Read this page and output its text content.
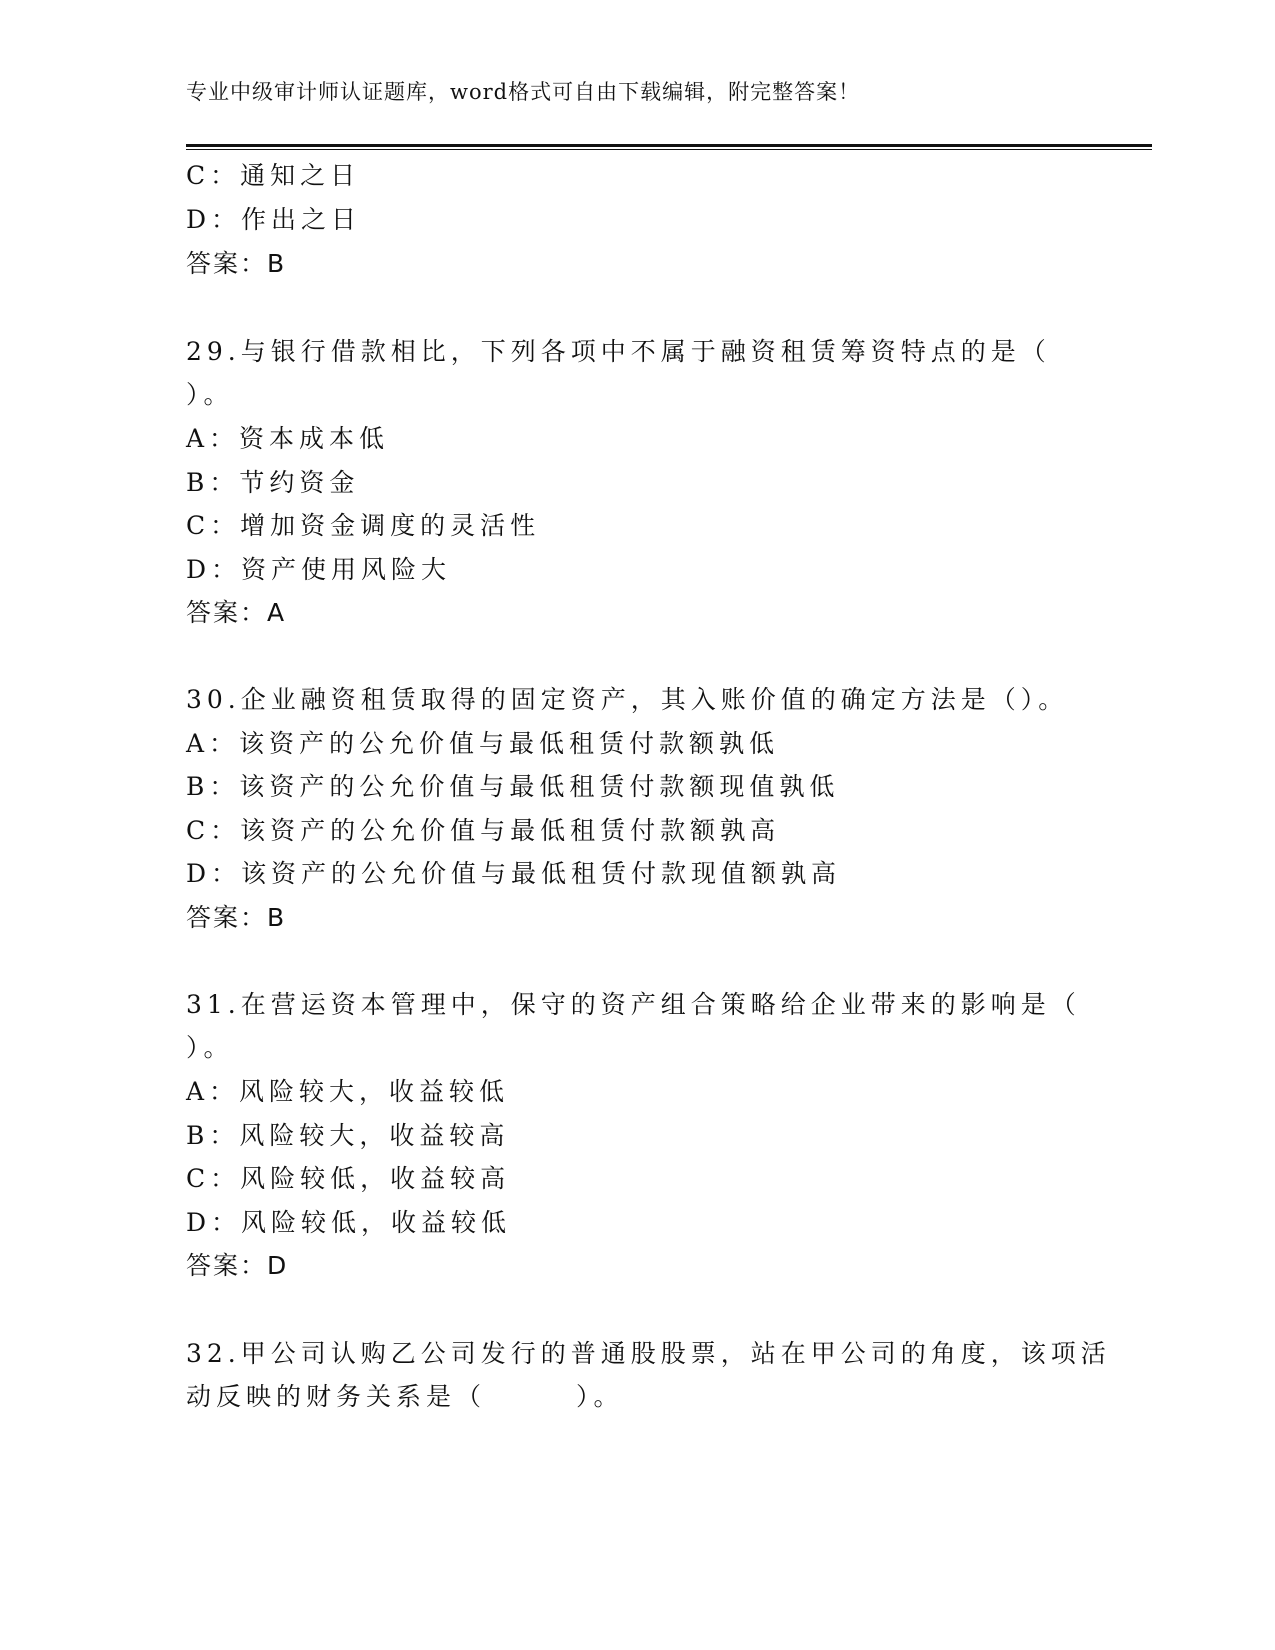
专业中级审计师认证题库，word格式可自由下载编辑，附完整答案！
C：通知之日
D：作出之日
答案：B
29.与银行借款相比，下列各项中不属于融资租赁筹资特点的是（
）。
A：资本成本低
B：节约资金
C：增加资金调度的灵活性
D：资产使用风险大
答案：A
30.企业融资租赁取得的固定资产，其入账价值的确定方法是（）。
A：该资产的公允价值与最低租赁付款额孰低
B：该资产的公允价值与最低租赁付款额现值孰低
C：该资产的公允价值与最低租赁付款额孰高
D：该资产的公允价值与最低租赁付款现值额孰高
答案：B
31.在营运资本管理中，保守的资产组合策略给企业带来的影响是（
）。
A：风险较大，收益较低
B：风险较大，收益较高
C：风险较低，收益较高
D：风险较低，收益较低
答案：D
32.甲公司认购乙公司发行的普通股股票，站在甲公司的角度，该项活
动反映的财务关系是（　　　）。
